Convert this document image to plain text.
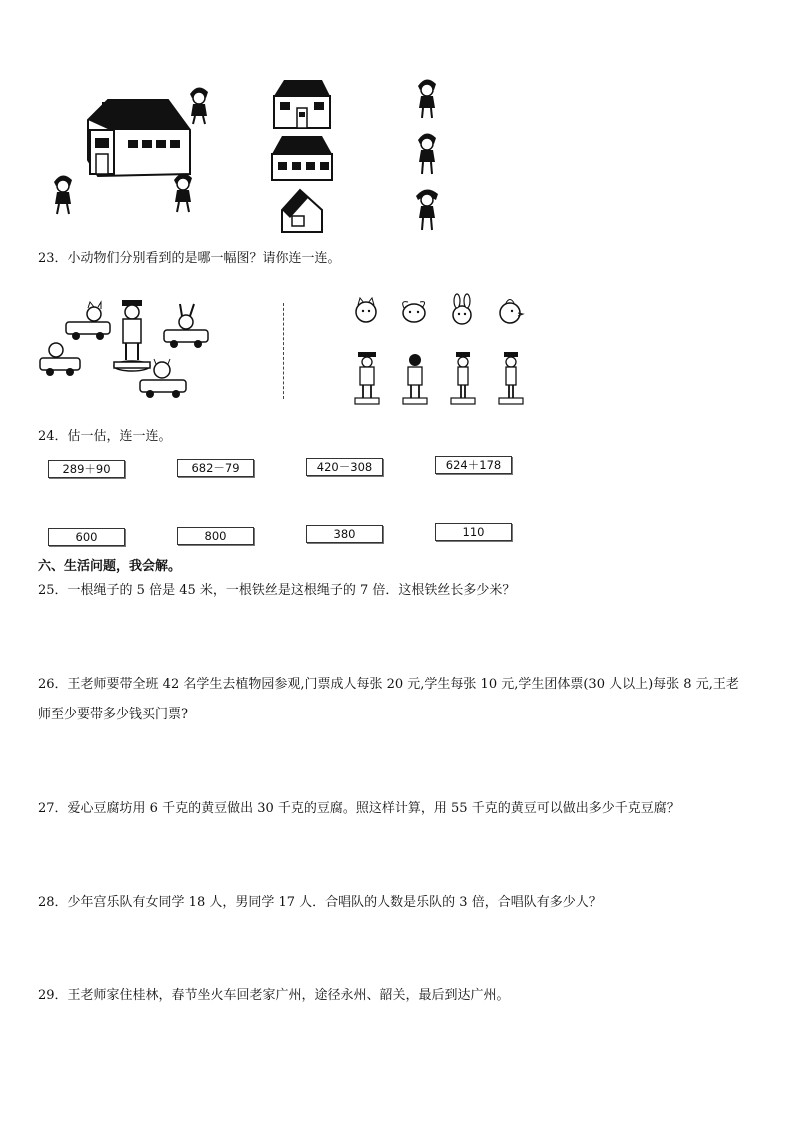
23．小动物们分别看到的是哪一幅图？请你连一连。
24．估一估，连一连。
289＋90	682－79	420－308	624＋178
600	800	380	110
六、生活问题，我会解。
25．一根绳子的 5 倍是 45 米，一根铁丝是这根绳子的 7 倍．这根铁丝长多少米？
26．王老师要带全班 42 名学生去植物园参观,门票成人每张 20 元,学生每张 10 元,学生团体票(30 人以上)每张 8 元,王老
师至少要带多少钱买门票?
27．爱心豆腐坊用 6 千克的黄豆做出 30 千克的豆腐。照这样计算，用 55 千克的黄豆可以做出多少千克豆腐？
28．少年宫乐队有女同学 18 人，男同学 17 人．合唱队的人数是乐队的 3 倍，合唱队有多少人？
29．王老师家住桂林，春节坐火车回老家广州，途径永州、韶关，最后到达广州。
